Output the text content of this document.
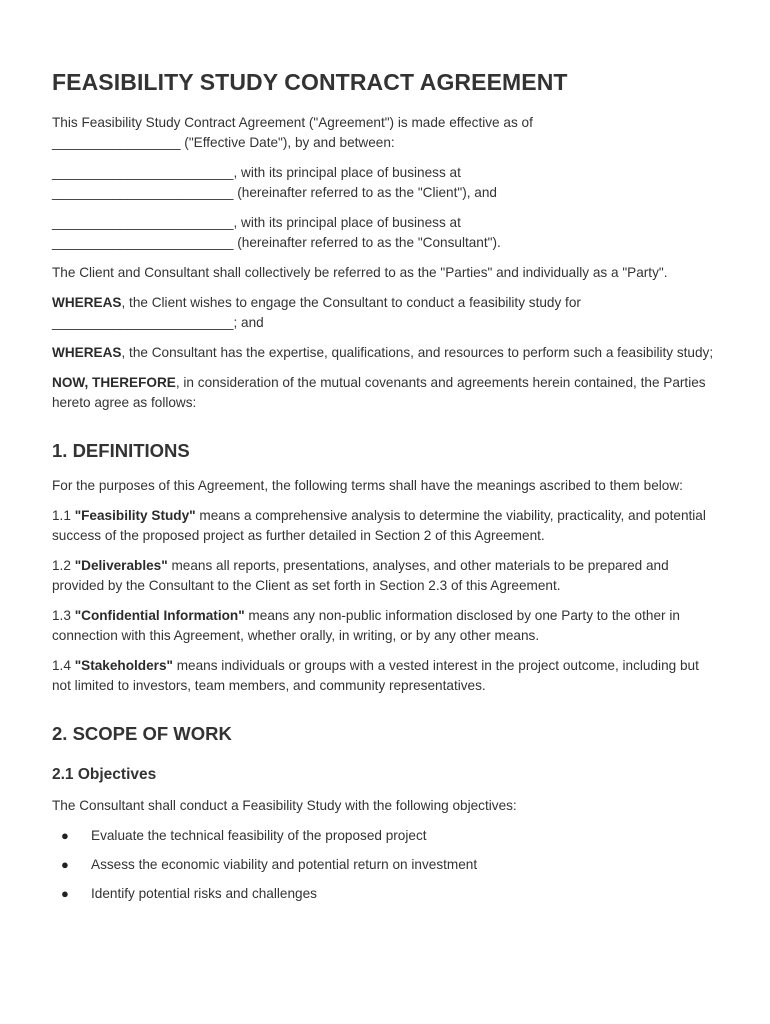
FEASIBILITY STUDY CONTRACT AGREEMENT

This Feasibility Study Contract Agreement ("Agreement") is made effective as of
_________________ ("Effective Date"), by and between:

________________________, with its principal place of business at
________________________ (hereinafter referred to as the "Client"), and

________________________, with its principal place of business at
________________________ (hereinafter referred to as the "Consultant").

The Client and Consultant shall collectively be referred to as the "Parties" and individually as a "Party".

WHEREAS, the Client wishes to engage the Consultant to conduct a feasibility study for
________________________; and

WHEREAS, the Consultant has the expertise, qualifications, and resources to perform such a feasibility study;

NOW, THEREFORE, in consideration of the mutual covenants and agreements herein contained, the Parties hereto agree as follows:

1. DEFINITIONS

For the purposes of this Agreement, the following terms shall have the meanings ascribed to them below:

1.1 "Feasibility Study" means a comprehensive analysis to determine the viability, practicality, and potential success of the proposed project as further detailed in Section 2 of this Agreement.

1.2 "Deliverables" means all reports, presentations, analyses, and other materials to be prepared and provided by the Consultant to the Client as set forth in Section 2.3 of this Agreement.

1.3 "Confidential Information" means any non-public information disclosed by one Party to the other in connection with this Agreement, whether orally, in writing, or by any other means.

1.4 "Stakeholders" means individuals or groups with a vested interest in the project outcome, including but not limited to investors, team members, and community representatives.

2. SCOPE OF WORK
2.1 Objectives

The Consultant shall conduct a Feasibility Study with the following objectives:

● Evaluate the technical feasibility of the proposed project
● Assess the economic viability and potential return on investment
● Identify potential risks and challenges
